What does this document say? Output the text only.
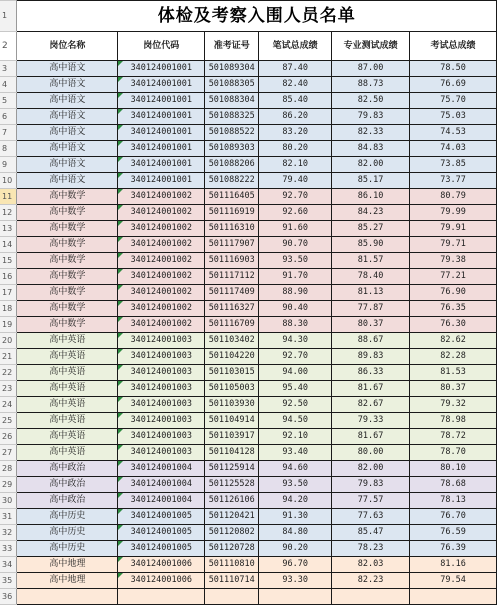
1	体检及考察入围人员名单					
2	岗位名称	岗位代码	准考证号	笔试总成绩	专业测试成绩	考试总成绩
3	高中语文	340124001001	501089304	87.40	87.00	78.50
4	高中语文	340124001001	501088305	82.40	88.73	76.69
5	高中语文	340124001001	501088304	85.40	82.50	75.70
6	高中语文	340124001001	501088325	86.20	79.83	75.03
7	高中语文	340124001001	501088522	83.20	82.33	74.53
8	高中语文	340124001001	501089303	80.20	84.83	74.03
9	高中语文	340124001001	501088206	82.10	82.00	73.85
10	高中语文	340124001001	501088222	79.40	85.17	73.77
11	高中数学	340124001002	501116405	92.70	86.10	80.79
12	高中数学	340124001002	501116919	92.60	84.23	79.99
13	高中数学	340124001002	501116310	91.60	85.27	79.91
14	高中数学	340124001002	501117907	90.70	85.90	79.71
15	高中数学	340124001002	501116903	93.50	81.57	79.38
16	高中数学	340124001002	501117112	91.70	78.40	77.21
17	高中数学	340124001002	501117409	88.90	81.13	76.90
18	高中数学	340124001002	501116327	90.40	77.87	76.35
19	高中数学	340124001002	501116709	88.30	80.37	76.30
20	高中英语	340124001003	501103402	94.30	88.67	82.62
21	高中英语	340124001003	501104220	92.70	89.83	82.28
22	高中英语	340124001003	501103015	94.00	86.33	81.53
23	高中英语	340124001003	501105003	95.40	81.67	80.37
24	高中英语	340124001003	501103930	92.50	82.67	79.32
25	高中英语	340124001003	501104914	94.50	79.33	78.98
26	高中英语	340124001003	501103917	92.10	81.67	78.72
27	高中英语	340124001003	501104128	93.40	80.00	78.70
28	高中政治	340124001004	501125914	94.60	82.00	80.10
29	高中政治	340124001004	501125528	93.50	79.83	78.68
30	高中政治	340124001004	501126106	94.20	77.57	78.13
31	高中历史	340124001005	501120421	91.30	77.63	76.70
32	高中历史	340124001005	501120802	84.80	85.47	76.59
33	高中历史	340124001005	501120728	90.20	78.23	76.39
34	高中地理	340124001006	501110810	96.70	82.03	81.16
35	高中地理	340124001006	501110714	93.30	82.23	79.54
36						
